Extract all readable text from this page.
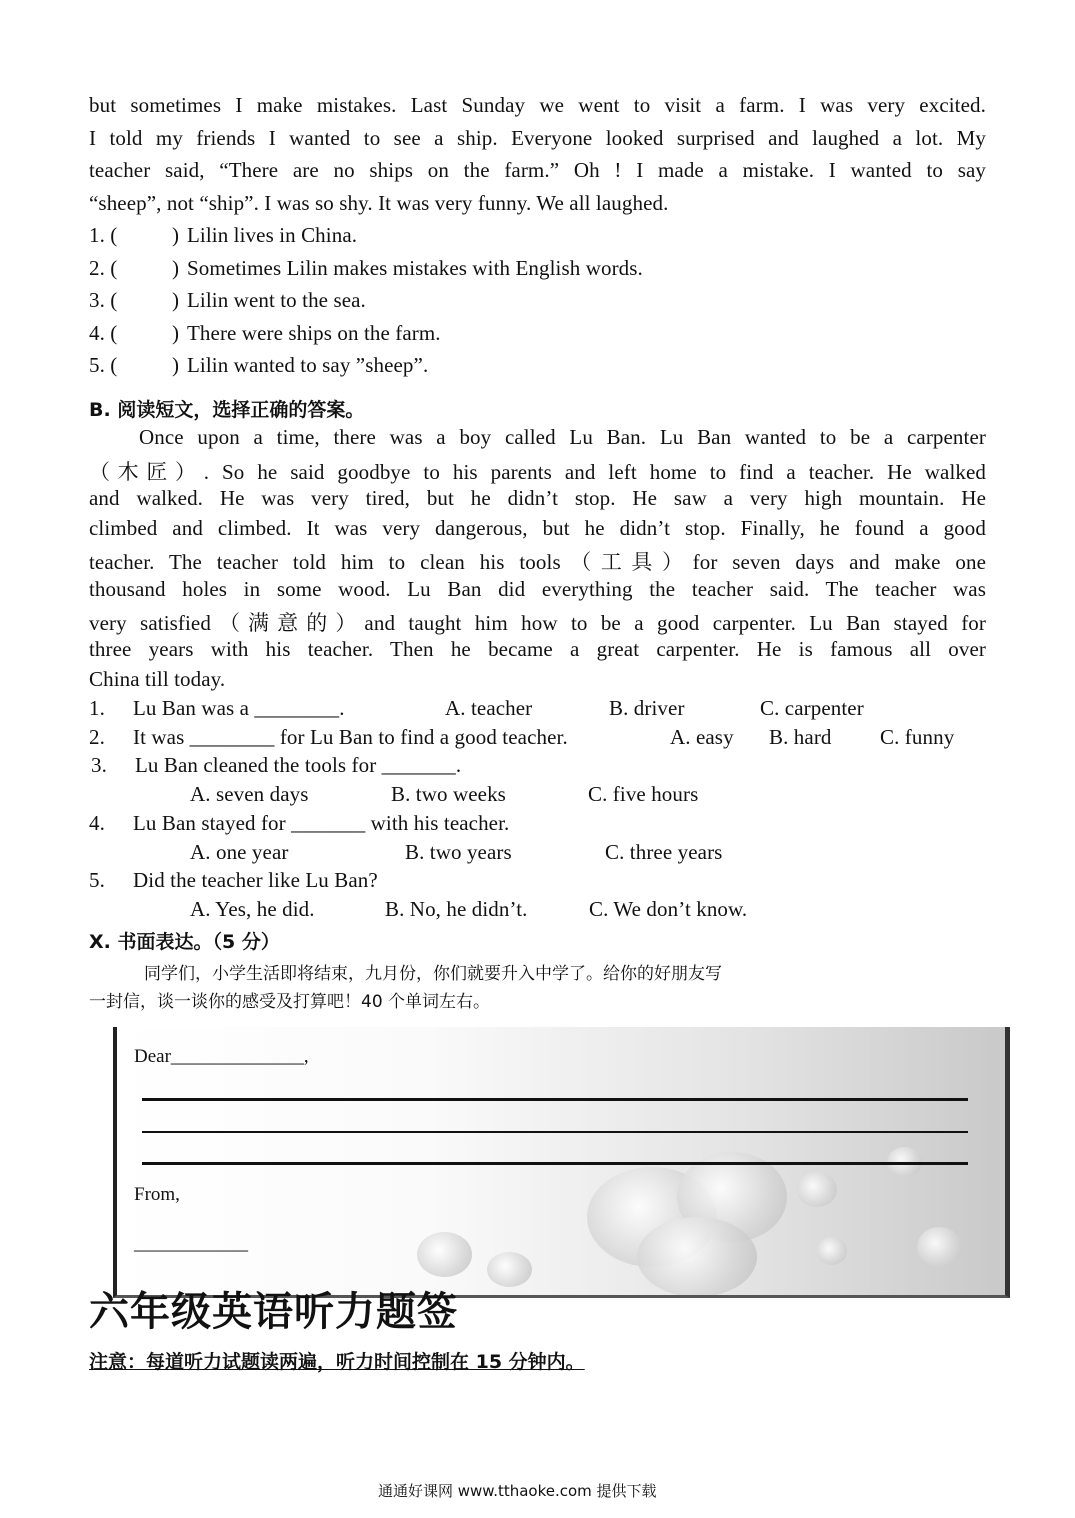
but sometimes I make mistakes. Last Sunday we went to visit a farm. I was very excited.
I told my friends I wanted to see a ship. Everyone looked surprised and laughed a lot. My
teacher said, “There are no ships on the farm.” Oh ! I made a mistake. I wanted to say
“sheep”, not “ship”. I was so shy. It was very funny. We all laughed.
1. (	) Lilin lives in China.
2. (	) Sometimes Lilin makes mistakes with English words.
3. (	) Lilin went to the sea.
4. (	) There were ships on the farm.
5. (	) Lilin wanted to say ”sheep”.
B. 阅读短文，选择正确的答案。
Once upon a time, there was a boy called Lu Ban. Lu Ban wanted to be a carpenter
（木匠）. So he said goodbye to his parents and left home to find a teacher. He walked
and walked. He was very tired, but he didn’t stop. He saw a very high mountain. He
climbed and climbed. It was very dangerous, but he didn’t stop. Finally, he found a good
teacher. The teacher told him to clean his tools（工具）for seven days and make one
thousand holes in some wood. Lu Ban did everything the teacher said. The teacher was
very satisfied（满意的）and taught him how to be a good carpenter. Lu Ban stayed for
three years with his teacher. Then he became a great carpenter. He is famous all over
China till today.
1. Lu Ban was a ________.	A. teacher	B. driver	C. carpenter
2. It was ________ for Lu Ban to find a good teacher.	A. easy B. hard C. funny
3. Lu Ban cleaned the tools for _______.
A. seven days	B. two weeks	C. five hours
4. Lu Ban stayed for _______ with his teacher.
A. one year	B. two years	C. three years
5. Did the teacher like Lu Ban?
A. Yes, he did.	B. No, he didn’t.	C. We don’t know.
Ⅹ. 书面表达。（5 分）
同学们，小学生活即将结束，九月份，你们就要升入中学了。给你的好朋友写
一封信，谈一谈你的感受及打算吧！40 个单词左右。
Dear______________,
From,
____________
六年级英语听力题签
注意：每道听力试题读两遍，听力时间控制在 15 分钟内。
通通好课网 www.tthaoke.com 提供下载
